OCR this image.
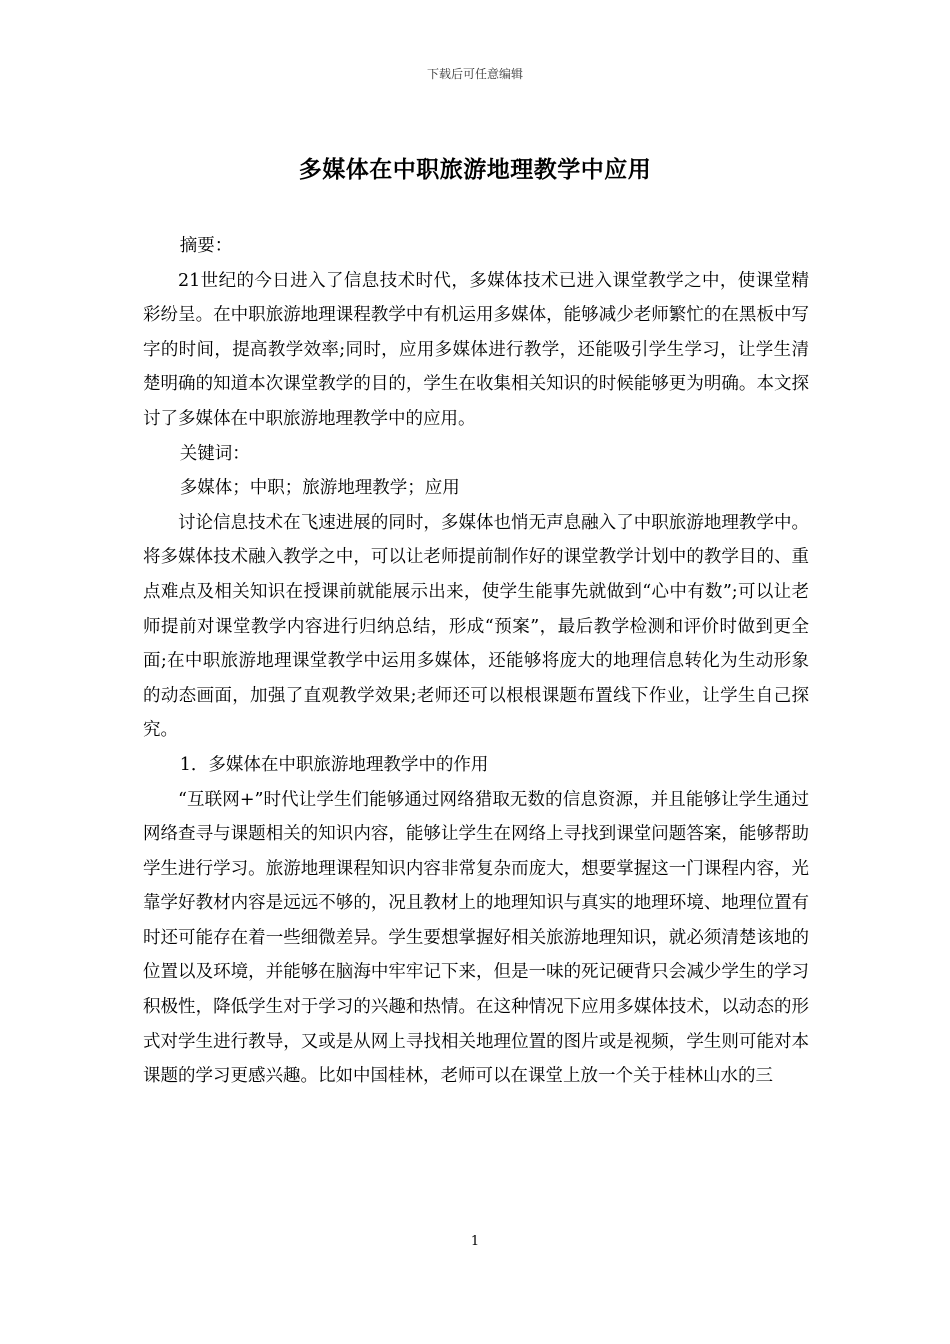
下载后可任意编辑
多媒体在中职旅游地理教学中应用

摘要：

21世纪的今日进入了信息技术时代，多媒体技术已进入课堂教学之中，使课堂精彩纷呈。在中职旅游地理课程教学中有机运用多媒体，能够减少老师繁忙的在黑板中写字的时间，提高教学效率;同时，应用多媒体进行教学，还能吸引学生学习，让学生清楚明确的知道本次课堂教学的目的，学生在收集相关知识的时候能够更为明确。本文探讨了多媒体在中职旅游地理教学中的应用。

关键词：

多媒体；中职；旅游地理教学；应用

讨论信息技术在飞速进展的同时，多媒体也悄无声息融入了中职旅游地理教学中。将多媒体技术融入教学之中，可以让老师提前制作好的课堂教学计划中的教学目的、重点难点及相关知识在授课前就能展示出来，使学生能事先就做到“心中有数”;可以让老师提前对课堂教学内容进行归纳总结，形成“预案”，最后教学检测和评价时做到更全面;在中职旅游地理课堂教学中运用多媒体，还能够将庞大的地理信息转化为生动形象的动态画面，加强了直观教学效果;老师还可以根根课题布置线下作业，让学生自己探究。

1．多媒体在中职旅游地理教学中的作用

“互联网+”时代让学生们能够通过网络猎取无数的信息资源，并且能够让学生通过网络查寻与课题相关的知识内容，能够让学生在网络上寻找到课堂问题答案，能够帮助学生进行学习。旅游地理课程知识内容非常复杂而庞大，想要掌握这一门课程内容，光靠学好教材内容是远远不够的，况且教材上的地理知识与真实的地理环境、地理位置有时还可能存在着一些细微差异。学生要想掌握好相关旅游地理知识，就必须清楚该地的位置以及环境，并能够在脑海中牢牢记下来，但是一味的死记硬背只会减少学生的学习积极性，降低学生对于学习的兴趣和热情。在这种情况下应用多媒体技术，以动态的形式对学生进行教导，又或是从网上寻找相关地理位置的图片或是视频，学生则可能对本课题的学习更感兴趣。比如中国桂林，老师可以在课堂上放一个关于桂林山水的三

1
